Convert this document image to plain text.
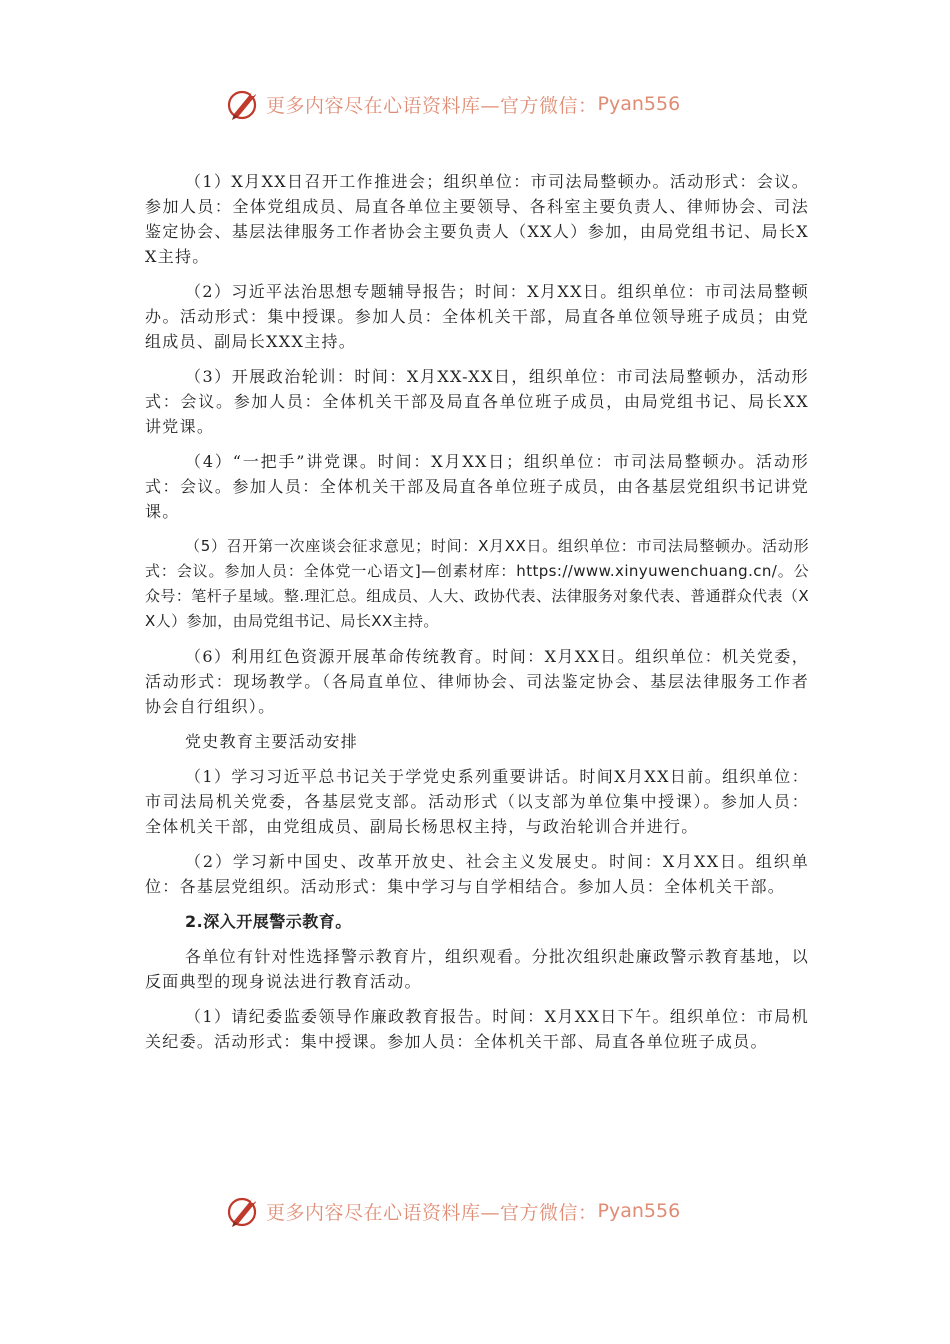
更多内容尽在心语资料库—官方微信： Pyan556

（1）X月XX日召开工作推进会；组织单位：市司法局整顿办。活动形式：会议。参加人员：全体党组成员、局直各单位主要领导、各科室主要负责人、律师协会、司法鉴定协会、基层法律服务工作者协会主要负责人（XX人）参加，由局党组书记、局长XX主持。

（2）习近平法治思想专题辅导报告；时间：X月XX日。组织单位：市司法局整顿办。活动形式：集中授课。参加人员：全体机关干部，局直各单位领导班子成员；由党组成员、副局长XXX主持。

（3）开展政治轮训：时间：X月XX-XX日，组织单位：市司法局整顿办，活动形式：会议。参加人员：全体机关干部及局直各单位班子成员，由局党组书记、局长XX讲党课。

（4）“一把手”讲党课。时间：X月XX日；组织单位：市司法局整顿办。活动形式：会议。参加人员：全体机关干部及局直各单位班子成员，由各基层党组织书记讲党课。

（5）召开第一次座谈会征求意见；时间：X月XX日。组织单位：市司法局整顿办。活动形式：会议。参加人员：全体党一心语文]—创素材库：https://www.xinyuwenchuang.cn/。公众号：笔杆子星域。整.理汇总。组成员、人大、政协代表、法律服务对象代表、普通群众代表（XX人）参加，由局党组书记、局长XX主持。

（6）利用红色资源开展革命传统教育。时间：X月XX日。组织单位：机关党委，活动形式：现场教学。（各局直单位、律师协会、司法鉴定协会、基层法律服务工作者协会自行组织）。

党史教育主要活动安排

（1）学习习近平总书记关于学党史系列重要讲话。时间X月XX日前。组织单位：市司法局机关党委，各基层党支部。活动形式（以支部为单位集中授课）。参加人员：全体机关干部，由党组成员、副局长杨思权主持，与政治轮训合并进行。

（2）学习新中国史、改革开放史、社会主义发展史。时间：X月XX日。组织单位：各基层党组织。活动形式：集中学习与自学相结合。参加人员：全体机关干部。

2.深入开展警示教育。

各单位有针对性选择警示教育片，组织观看。分批次组织赴廉政警示教育基地，以反面典型的现身说法进行教育活动。

（1）请纪委监委领导作廉政教育报告。时间：X月XX日下午。组织单位：市局机关纪委。活动形式：集中授课。参加人员：全体机关干部、局直各单位班子成员。

更多内容尽在心语资料库—官方微信： Pyan556
